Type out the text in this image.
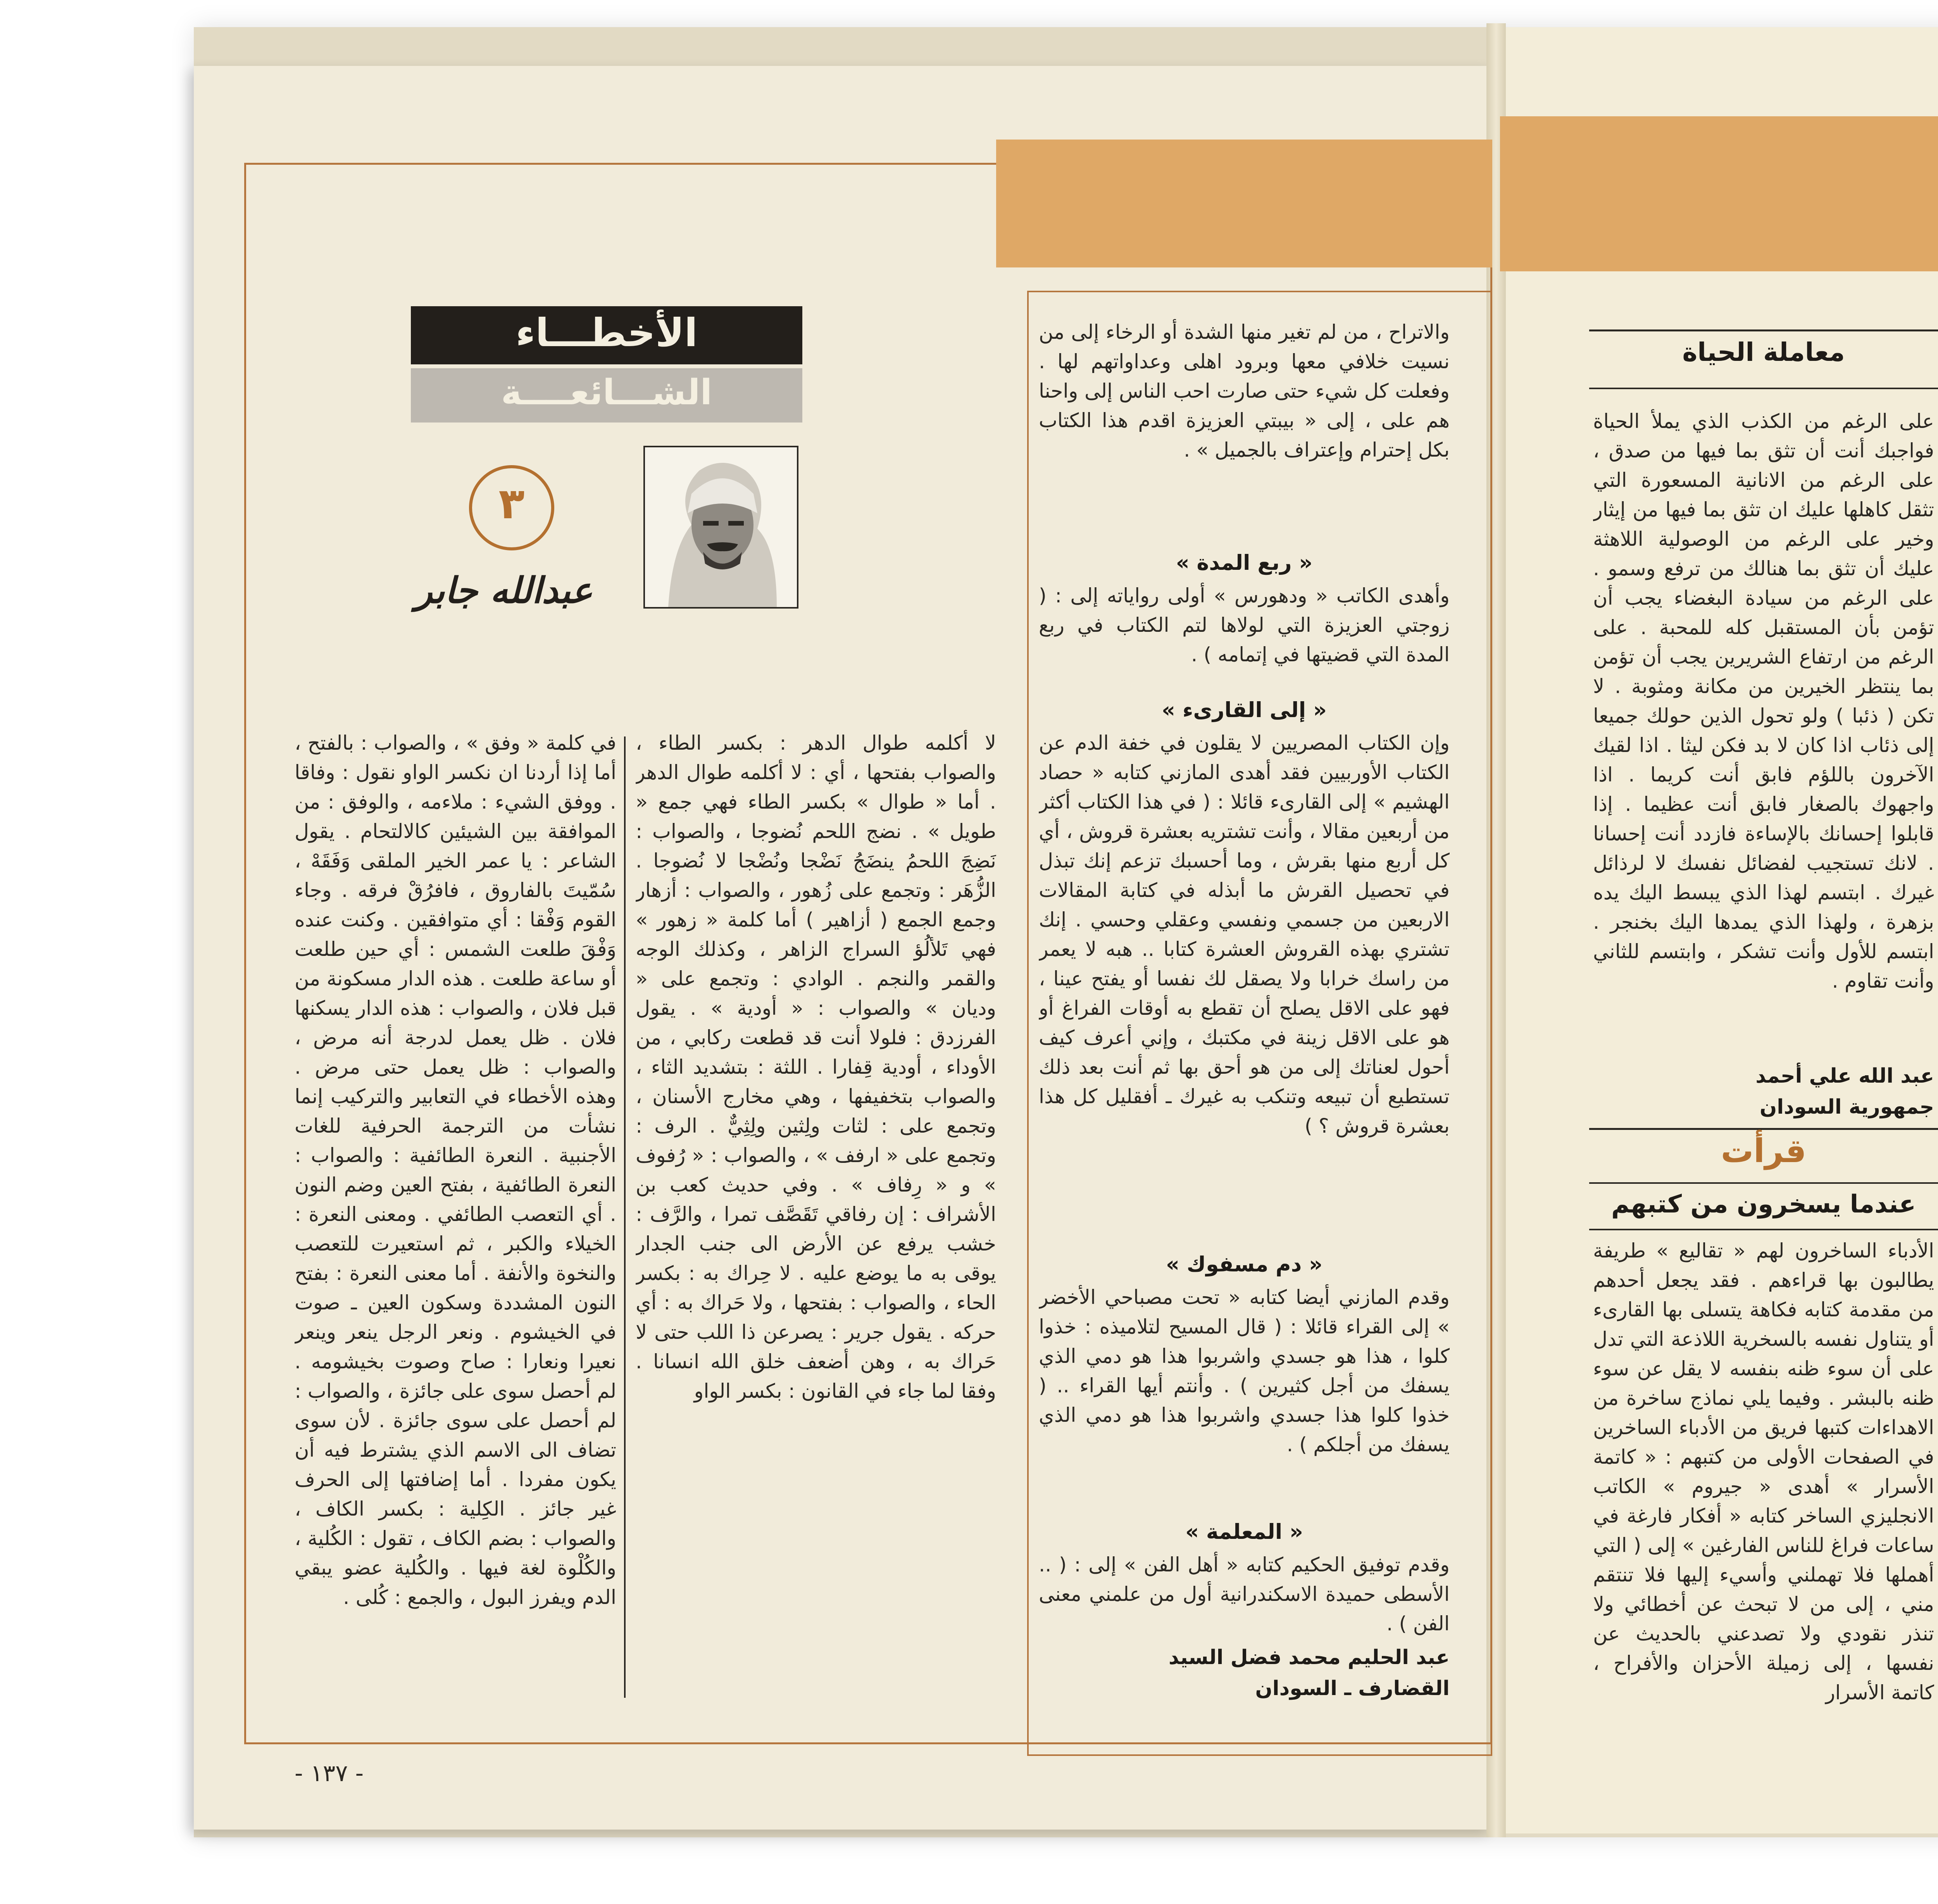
والاتراح ، من لم تغير منها الشدة أو الرخاء إلى من نسيت خلافي معها وبرود اهلى وعداواتهم لها . وفعلت كل شيء حتى صارت احب الناس إلى واحنا هم على ، إلى « بيبتي العزيزة اقدم هذا الكتاب بكل إحترام وإعتراف بالجميل » .
« ربع المدة »
وأهدى الكاتب « ودهورس » أولى رواياته إلى : ( زوجتي العزيزة التي لولاها لتم الكتاب في ربع المدة التي قضيتها في إتمامه ) .
« إلى القارىء »
وإن الكتاب المصريين لا يقلون في خفة الدم عن الكتاب الأوربيين فقد أهدى المازني كتابه « حصاد الهشيم » إلى القارىء قائلا : ( في هذا الكتاب أكثر من أربعين مقالا ، وأنت تشتريه بعشرة قروش ، أي كل أربع منها بقرش ، وما أحسبك تزعم إنك تبذل في تحصيل القرش ما أبذله في كتابة المقالات الاربعين من جسمي ونفسي وعقلي وحسي . إنك تشتري بهذه القروش العشرة كتابا .. هبه لا يعمر من راسك خرابا ولا يصقل لك نفسا أو يفتح عينا ، فهو على الاقل يصلح أن تقطع به أوقات الفراغ أو هو على الاقل زينة في مكتبك ، وإني أعرف كيف أحول لعناتك إلى من هو أحق بها ثم أنت بعد ذلك تستطيع أن تبيعه وتنكب به غيرك ـ أفقليل كل هذا بعشرة قروش ؟ )
« دم مسفوك »
وقدم المازني أيضا كتابه « تحت مصباحي الأخضر » إلى القراء قائلا : ( قال المسيح لتلاميذه : خذوا كلوا ، هذا هو جسدي واشربوا هذا هو دمي الذي يسفك من أجل كثيرين ) . وأنتم أيها القراء .. ( خذوا كلوا هذا جسدي واشربوا هذا هو دمي الذي يسفك من أجلكم ) .
« المعلمة »
وقدم توفيق الحكيم كتابه « أهل الفن » إلى : ( .. الأسطى حميدة الاسكندرانية أول من علمني معنى الفن ) .
عبد الحليم محمد فضل السيد
القضارف ـ السودان
الأخطـــاء
الشـــائعــــة
٣
عبدالله جابر
لا أكلمه طوال الدهر : بكسر الطاء ، والصواب بفتحها ، أي : لا أكلمه طوال الدهر . أما « طوال » بكسر الطاء فهي جمع « طويل » . نضج اللحم نُضوجا ، والصواب : نَضِجَ اللحمُ ينضَجُ نَضْجا ونُضْجا لا نُضوجا . الزُّهَر : وتجمع على زُهور ، والصواب : أزهار وجمع الجمع ( أزاهير ) أما كلمة « زهور » فهي تَلألُؤ السراج الزاهر ، وكذلك الوجه والقمر والنجم . الوادي : وتجمع على « وديان » والصواب : « أودية » . يقول الفرزدق : فلولا أنت قد قطعت ركابي ، من الأوداء ، أودية قِفارا . اللثة : بتشديد الثاء ، والصواب بتخفيفها ، وهي مخارج الأسنان ، وتجمع على : لثات ولِثين ولِثِيٌّ . الرف : وتجمع على « ارفف » ، والصواب : « رُفوف » و « رِفاف » . وفي حديث كعب بن الأشراف : إن رفاقي تَقَصَّف تمرا ، والرَّف : خشب يرفع عن الأرض الى جنب الجدار يوقى به ما يوضع عليه . لا حِراك به : بكسر الحاء ، والصواب : بفتحها ، ولا حَراك به : أي حركه . يقول جرير : يصرعن ذا اللب حتى لا حَراك به ، وهن أضعف خلق الله انسانا . وفقا لما جاء في القانون : بكسر الواو
في كلمة « وفق » ، والصواب : بالفتح ، أما إذا أردنا ان نكسر الواو نقول : وفاقا . ووفق الشيء : ملاءمه ، والوفق : من الموافقة بين الشيئين كالالتحام . يقول الشاعر : يا عمر الخير الملقى وَفَقَهْ ، سُمّيتَ بالفاروق ، فافرُقْ فرقه . وجاء القوم وَفْقا : أي متوافقين . وكنت عنده وَفْقَ طلعت الشمس : أي حين طلعت أو ساعة طلعت . هذه الدار مسكونة من قبل فلان ، والصواب : هذه الدار يسكنها فلان . ظل يعمل لدرجة أنه مرض ، والصواب : ظل يعمل حتى مرض . وهذه الأخطاء في التعابير والتركيب إنما نشأت من الترجمة الحرفية للغات الأجنبية . النعرة الطائفية : والصواب : النعرة الطائفية ، بفتح العين وضم النون . أي التعصب الطائفي . ومعنى النعرة : الخيلاء والكبر ، ثم استعيرت للتعصب والنخوة والأنفة . أما معنى النعرة : بفتح النون المشددة وسكون العين ـ صوت في الخيشوم . ونعر الرجل ينعر وينعر نعيرا ونعارا : صاح وصوت بخيشومه . لم أحصل سوى على جائزة ، والصواب : لم أحصل على سوى جائزة . لأن سوى تضاف الى الاسم الذي يشترط فيه أن يكون مفردا . أما إضافتها إلى الحرف غير جائز . الكِلية : بكسر الكاف ، والصواب : بضم الكاف ، تقول : الكُلية ، والكُلْوة لغة فيها . والكُلية عضو يبقي الدم ويفرز البول ، والجمع : كُلى .
- ١٣٧ -
معاملة الحياة
على الرغم من الكذب الذي يملأ الحياة فواجبك أنت أن تثق بما فيها من صدق ، على الرغم من الانانية المسعورة التي تثقل كاهلها عليك ان تثق بما فيها من إيثار وخير على الرغم من الوصولية اللاهثة عليك أن تثق بما هنالك من ترفع وسمو . على الرغم من سيادة البغضاء يجب أن تؤمن بأن المستقبل كله للمحبة . على الرغم من ارتفاع الشريرين يجب أن تؤمن بما ينتظر الخيرين من مكانة ومثوبة . لا تكن ( ذئبا ) ولو تحول الذين حولك جميعا إلى ذئاب اذا كان لا بد فكن ليثا . اذا لقيك الآخرون باللؤم فابق أنت كريما . اذا واجهوك بالصغار فابق أنت عظيما . إذا قابلوا إحسانك بالإساءة فازدد أنت إحسانا . لانك تستجيب لفضائل نفسك لا لرذائل غيرك . ابتسم لهذا الذي يبسط اليك يده بزهرة ، ولهذا الذي يمدها اليك بخنجر . ابتسم للأول وأنت تشكر ، وابتسم للثاني وأنت تقاوم .
عبد الله علي أحمد
جمهورية السودان
قرأت
عندما يسخرون من كتبهم
الأدباء الساخرون لهم « تقاليع » طريفة يطالبون بها قراءهم . فقد يجعل أحدهم من مقدمة كتابه فكاهة يتسلى بها القارىء أو يتناول نفسه بالسخرية اللاذعة التي تدل على أن سوء ظنه بنفسه لا يقل عن سوء ظنه بالبشر . وفيما يلي نماذج ساخرة من الاهداءات كتبها فريق من الأدباء الساخرين في الصفحات الأولى من كتبهم : « كاتمة الأسرار » أهدى « جيروم » الكاتب الانجليزي الساخر كتابه « أفكار فارغة في ساعات فراغ للناس الفارغين » إلى ( التي أهملها فلا تهملني وأسيء إليها فلا تنتقم مني ، إلى من لا تبحث عن أخطائي ولا تنذر نقودي ولا تصدعني بالحديث عن نفسها ، إلى زميلة الأحزان والأفراح ، كاتمة الأسرار
